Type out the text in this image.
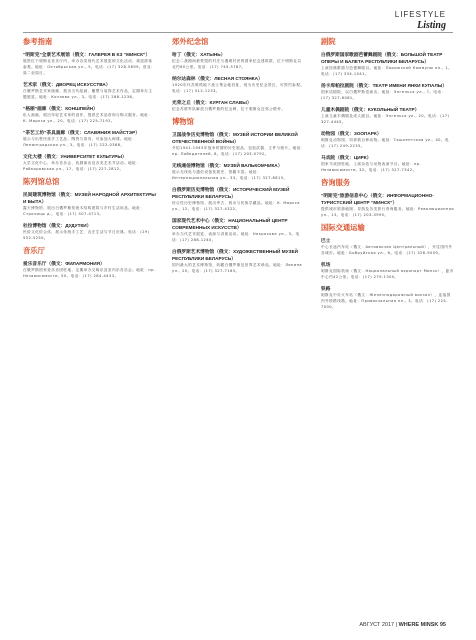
LIFESTYLE
Listing
参考指南
“明斯克”全景艺术展馆（俄文：ГАЛЕРЕЯ В КЗ “МИНСК”）
展馆位于明斯克音乐厅内，举办各类现代艺术展览和文化活动，欢迎游客参观。地址：Октябрьская ул., 5。电话：(17) 328-5899。营业：周二至周日。
艺术家（俄文：ДВОРЕЦ ИСКУССТВА）
白俄罗斯艺术家画廊，展出当代绘画、雕塑与装饰艺术作品，定期举办主题展览。地址：Козлова ул., 3。电话：(17) 288-1236。
“格丽”画廊（俄文：КОНШПЕЙН）
私人画廊，展出年轻艺术家的创作，提供艺术品咨询与购买服务。地址：К. Маркса ул., 20。电话：(17) 225-7192。
“茶艺工坊”茶具画廊（俄文：СЛАВЯНИЯ МАЙСТЭР）
展示与出售民族手工艺品、陶瓷与茶具，可参加大师课。地址：Ленинградская ул., 3。电话：(17) 222-0388。
文化大楼（俄文：УНИВЕРСИТЕТ КУЛЬТУРЫ）
大学文化中心，举办音乐会、戏剧演出及各类艺术节活动。地址：Рабкоровская ул., 17。电话：(17) 227-2812。
陈列馆总馆
民间建筑博物馆（俄文：МУЗЕЙ НАРОДНОЙ АРХИТЕКТУРЫ И БЫТА）
露天博物馆，展出白俄罗斯传统木结构建筑与乡村生活用品。地址：Строчицы д.。电话：(17) 507-4713。
杜拉博物馆（俄文：ДУДУТКИ）
民俗文化综合体，展示传统手工艺、农庄生活与节日庆典。电话：(29) 552-5250。
音乐厅
爱乐音乐厅（俄文：ФИЛАРМОНИЯ）
白俄罗斯国家爱乐乐团驻地，定期举办交响乐及室内乐音乐会。地址：пр. Независимости, 50。电话：(17) 284-4433。
郊外纪念馆
哈丁（俄文：ХАТЫНЬ）
纪念二战期间被焚毁的村庄与遇难村民的国家纪念建筑群，位于明斯克以北约60公里。电话：(17) 745-5787。
纳尔达森林（俄文：ЛЕСНАЯ СТОЯНКА）
1920年代苏维埃地下战士集会地旧址，现为历史纪念景区，可预约参观。电话：(17) 512-1233。
光荣之丘（俄文：КУРГАН СЛАВЫ）
纪念苏联军队解放白俄罗斯的纪念碑，位于明斯克近郊公路旁。
博物馆
卫国战争历史博物馆（俄文：МУЗЕЙ ИСТОРИИ ВЕЛИКОЙ ОТЕЧЕСТВЕННОЙ ВОЙНЫ）
介绍1941-1945年战争时期的历史展品，包括武器、文件与照片。地址：пр. Победителей, 8。电话：(17) 203-0792。
无线通信博物馆（俄文：МУЗЕЙ ВАЛЬКОМЧИКА）
展示无线电与通信设备发展史，馆藏丰富。地址：Интернациональная ул., 33。电话：(17) 327-8815。
白俄罗斯历史博物馆（俄文：ИСТОРИЧЕСКИЙ МУЗЕЙ РЕСПУБЛИКИ БЕЛАРУСЬ）
综合性历史博物馆，展出考古、钱币与民族学藏品。地址：К. Маркса ул., 12。电话：(17) 327-4322。
国家现代艺术中心（俄文：НАЦИОНАЛЬНЫЙ ЦЕНТР СОВРЕМЕННЫХ ИСКУССТВ）
举办当代艺术展览、表演与讲座活动。地址：Некрасова ул., 3。电话：(17) 288-1240。
白俄罗斯艺术博物馆（俄文：ХУДОЖЕСТВЕННЫЙ МУЗЕЙ РЕСПУБЛИКИ БЕЛАРУСЬ）
国内最大的艺术博物馆，收藏白俄罗斯及世界艺术珍品。地址：Ленина ул., 20。电话：(17) 327-7163。
剧院
白俄罗斯国家歌剧芭蕾舞剧院（俄文：БОЛЬШОЙ ТЕАТР ОПЕРЫ И БАЛЕТА РЕСПУБЛИКИ БЕЛАРУСЬ）
上演经典歌剧与芭蕾舞剧目。地址：Парижской Коммуны пл., 1。电话：(17) 334-1041。
扬卡库帕拉剧院（俄文：ТЕАТР ИМЕНИ ЯНКИ КУПАЛЫ）
国家话剧院，以白俄罗斯语演出。地址：Энгельса ул., 7。电话：(17) 327-6081。
儿童木偶剧院（俄文：КУКОЛЬНЫЙ ТЕАТР）
上演儿童木偶剧及成人剧目。地址：Энгельса ул., 20。电话：(17) 327-4445。
动物园（俄文：ЗООПАРК）
明斯克动物园，饲养数百种动物。地址：Ташкентская ул., 40。电话：(17) 249-2235。
马戏院（俄文：ЦИРК）
国家马戏团驻地，上演杂技与动物表演节目。地址：пр. Независимости, 32。电话：(17) 327-7342。
咨询服务
“明斯克”旅游信息中心（俄文：ИНФОРМАЦИОННО-ТУРИСТСКИЙ ЦЕНТР “МИНСК”）
提供城市旅游地图、导游及各类旅行咨询服务。地址：Революционная ул., 13。电话：(17) 203-3995。
国际交通运输
巴士
中心长途汽车站（俄文：Автовокзал Центральный），开往国内外各城市。地址：Бобруйская ул., 6。电话：(17) 328-9000。
机场
明斯克国际机场（俄文：Национальный аэропорт Минск），距市中心约42公里。电话：(17) 279-1300。
铁路
明斯克中央火车站（俄文：Железнодорожный вокзал），连接国内外铁路线路。地址：Привокзальная пл., 3。电话：(17) 225-7000。
АВГУСТ 2017 | WHERE MINSK 95
